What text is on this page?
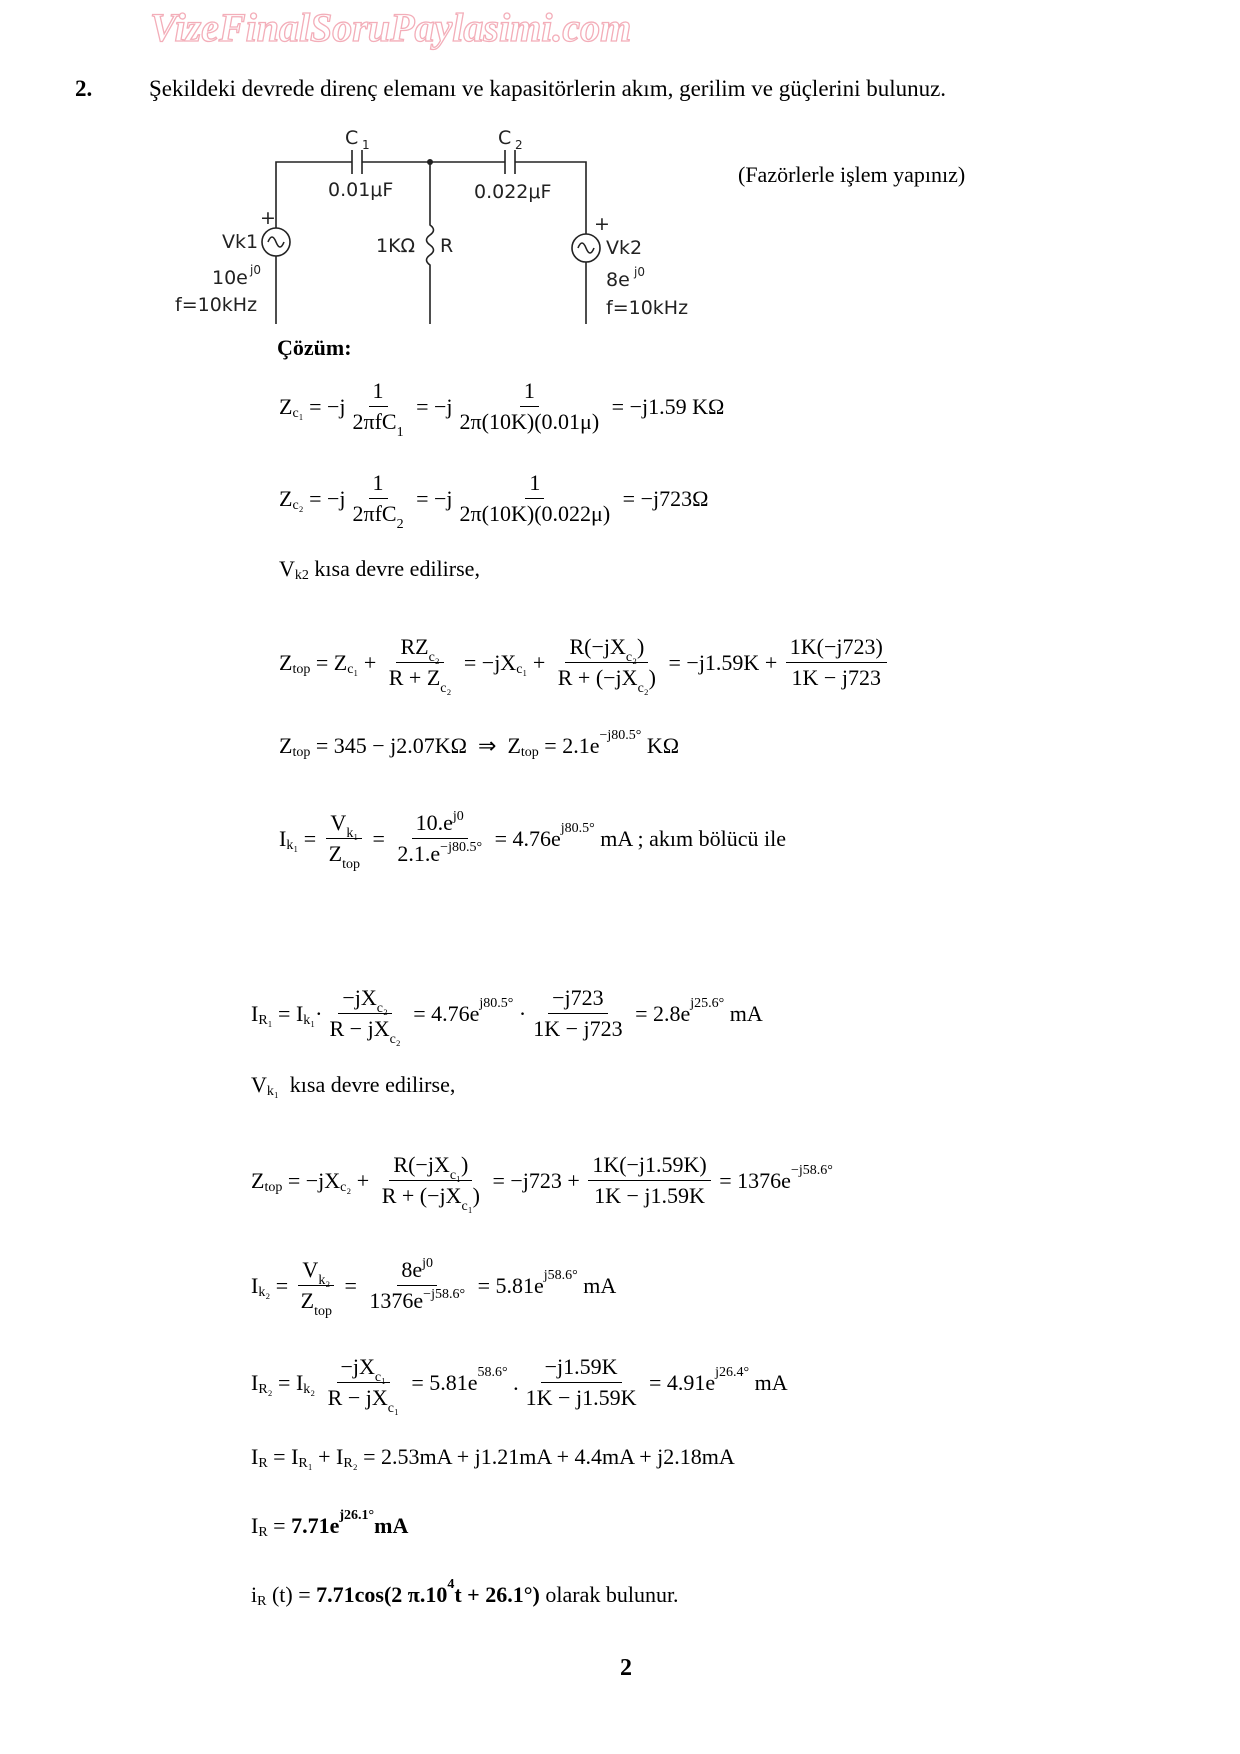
VizeFinalSoruPaylasimi.com
2. Şekildeki devrede direnç elemanı ve kapasitörlerin akım, gerilim ve güçlerini bulunuz.
(Fazörlerle işlem yapınız)
C 1	C 2
0.01μF	0.022μF
1KΩ R
+
Vk1
10e j0
f=10kHz
+
Vk2
8e j0
f=10kHz
Çözüm:
Z $c_1 = -j \frac{1}{2\pi fC_1} = -j \frac{1}{2\pi(10K)(0.01\mu)} = -j1.59$ KΩ
Z $c_2 = -j \frac{1}{2\pi fC_2} = -j \frac{1}{2\pi(10K)(0.022\mu)} = -j723\Omega$
V k2 kısa devre edilirse,
Z top = Z $c_1 + \frac{RZ_{c_2}}{R + Z_{c_2}} = -jX$ $c_1 + \frac{R(-jX_{c_2})}{R + (-jX_{c_2})} = -j1.59K + \frac{1K(-j723)}{1K - j723}$
Z top = 345 − j2.07KΩ  ⇒  Z top = 2.1e −j80.5° KΩ
I $k_1 = \frac{V_{k_1}}{Z_{top}} = \frac{10.e^{j0}}{2.1.e^{-j80.5^\circ}} = 4.76e$ j80.5° mA ; akım bölücü ile
I R₁ = I $k_1 \cdot \frac{-jX_{c_2}}{R - jX_{c_2}} = 4.76e$ $j80.5^\circ \cdot \frac{-j723}{1K - j723} = 2.8e$ j25.6° mA
V k₁ kısa devre edilirse,
Z top = −jX $c_2 + \frac{R(-jX_{c_1})}{R + (-jX_{c_1})} = -j723 + \frac{1K(-j1.59K)}{1K - j1.59K} = 1376e -j58.6^\circ$
I $k_2 = \frac{V_{k_2}}{Z_{top}} = \frac{8e^{j0}}{1376e^{-j58.6^\circ}} = 5.81e$ j58.6° mA
I R₂ = I k₂
$\frac{-jX_{c_1}}{R - jX_{c_1}} = 5.81e$ 58.6° . $\frac{-j1.59K}{1K - j1.59K} = 4.91e$ j26.4° mA
I R = I R₁ + I R₂ = 2.53mA + j1.21mA + 4.4mA + j2.18mA
I R = 7.71e j26.1° mA
i R (t) = 7.71cos(2 π.10 4 t + 26.1°) olarak bulunur.
2
